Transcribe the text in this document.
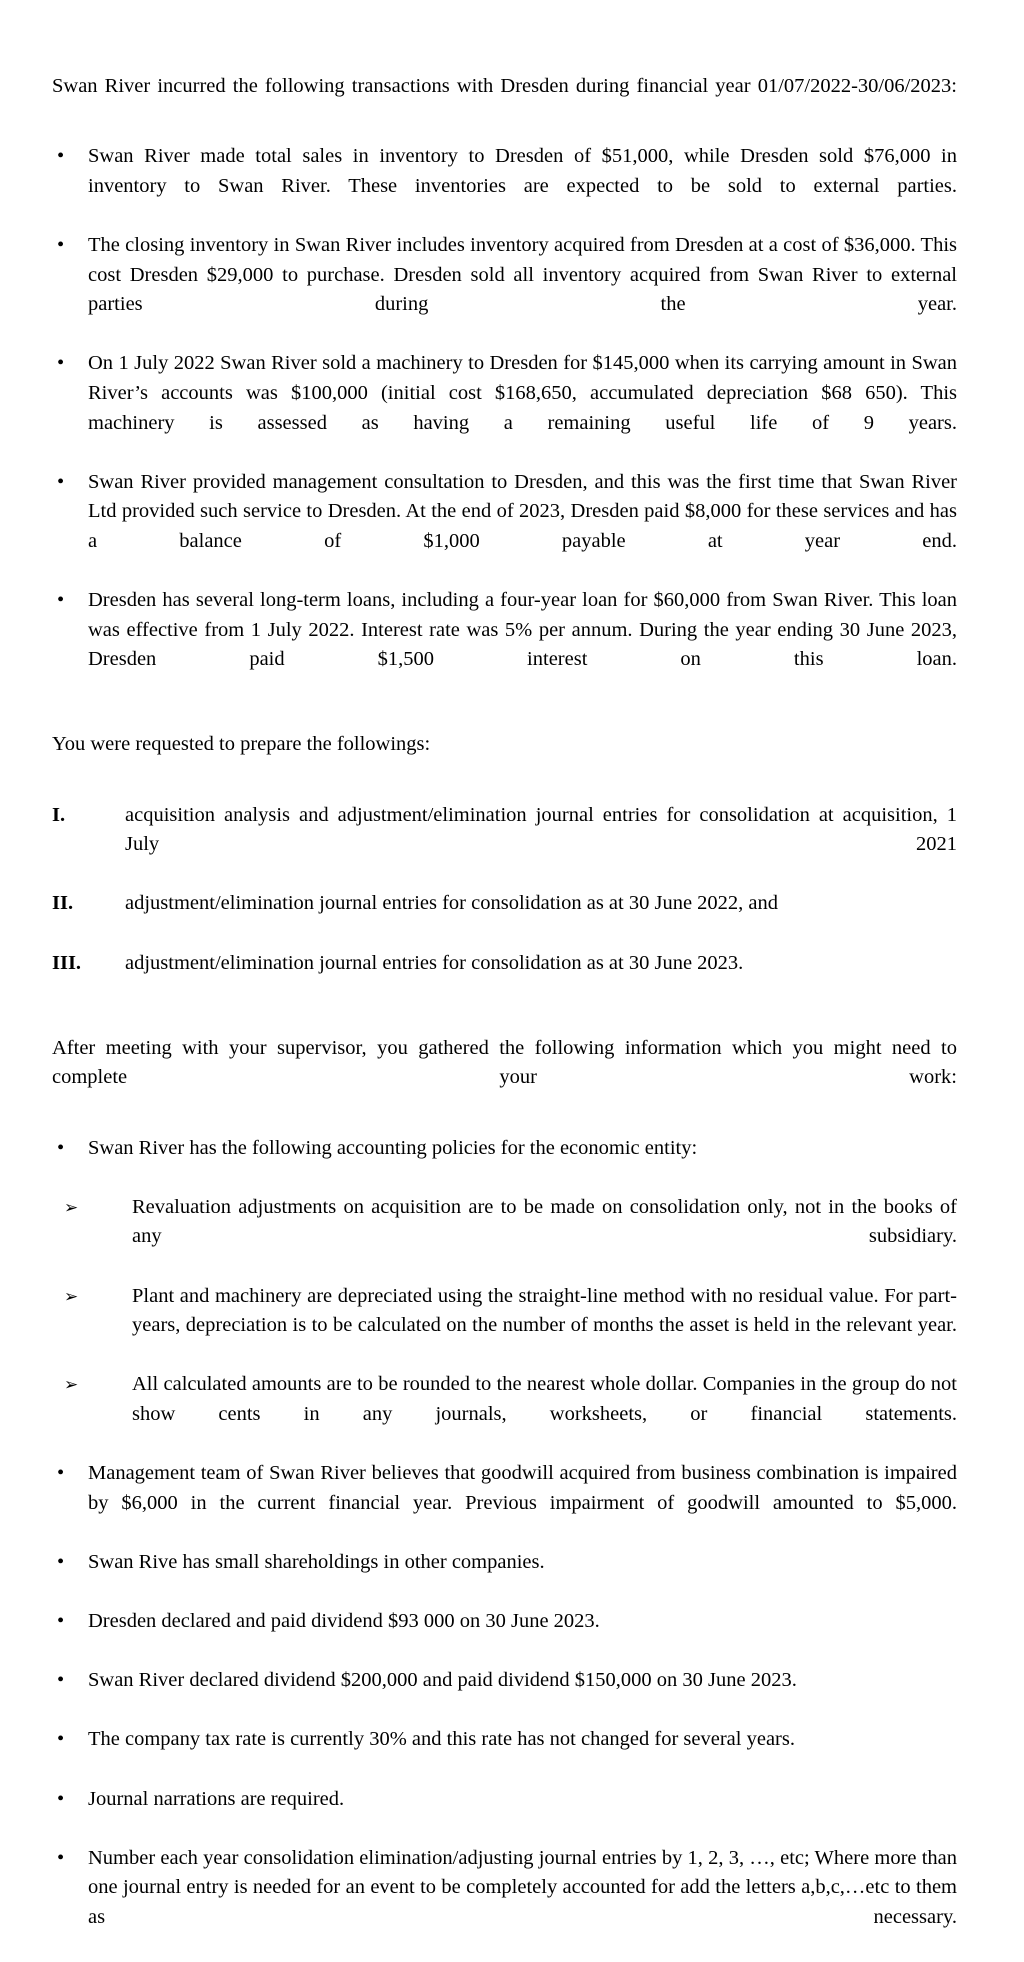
Swan River incurred the following transactions with Dresden during financial year 01/07/2022-30/06/2023:

•	Swan River made total sales in inventory to Dresden of $51,000, while Dresden sold $76,000 in inventory to Swan River. These inventories are expected to be sold to external parties.
•	The closing inventory in Swan River includes inventory acquired from Dresden at a cost of $36,000. This cost Dresden $29,000 to purchase. Dresden sold all inventory acquired from Swan River to external parties during the year.
•	On 1 July 2022 Swan River sold a machinery to Dresden for $145,000 when its carrying amount in Swan River’s accounts was $100,000 (initial cost $168,650, accumulated depreciation $68 650). This machinery is assessed as having a remaining useful life of 9 years.
•	Swan River provided management consultation to Dresden, and this was the first time that Swan River Ltd provided such service to Dresden. At the end of 2023, Dresden paid $8,000 for these services and has a balance of $1,000 payable at year end.
•	Dresden has several long-term loans, including a four-year loan for $60,000 from Swan River. This loan was effective from 1 July 2022. Interest rate was 5% per annum. During the year ending 30 June 2023, Dresden paid $1,500 interest on this loan.

You were requested to prepare the followings:

I.	acquisition analysis and adjustment/elimination journal entries for consolidation at acquisition, 1 July 2021
II.	adjustment/elimination journal entries for consolidation as at 30 June 2022, and
III. adjustment/elimination journal entries for consolidation as at 30 June 2023.

After meeting with your supervisor, you gathered the following information which you might need to complete your work:

•	Swan River has the following accounting policies for the economic entity:
➢	Revaluation adjustments on acquisition are to be made on consolidation only, not in the books of any subsidiary.
➢	Plant and machinery are depreciated using the straight-line method with no residual value. For part-years, depreciation is to be calculated on the number of months the asset is held in the relevant year.
➢	All calculated amounts are to be rounded to the nearest whole dollar. Companies in the group do not show cents in any journals, worksheets, or financial statements.
•	Management team of Swan River believes that goodwill acquired from business combination is impaired by $6,000 in the current financial year. Previous impairment of goodwill amounted to $5,000.
•	Swan Rive has small shareholdings in other companies.
•	Dresden declared and paid dividend $93 000 on 30 June 2023.
•	Swan River declared dividend $200,000 and paid dividend $150,000 on 30 June 2023.
•	The company tax rate is currently 30% and this rate has not changed for several years.
•	Journal narrations are required.
•	Number each year consolidation elimination/adjusting journal entries by 1, 2, 3, …, etc; Where more than one journal entry is needed for an event to be completely accounted for add the letters a,b,c,…etc to them as necessary.
